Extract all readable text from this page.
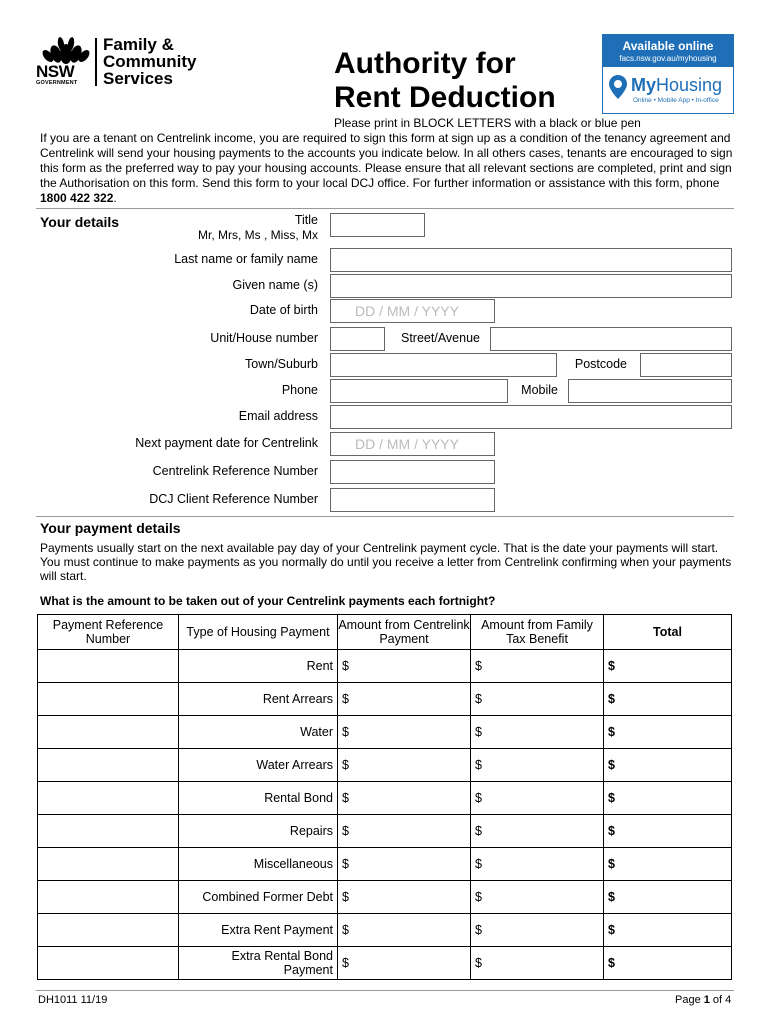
NSW
GOVERNMENT
Family &
Community
Services	Authority for
Rent Deduction
Available online
facs.nsw.gov.au/myhousing
MyHousing
Online • Mobile App • In-office
Please print in BLOCK LETTERS with a black or blue pen
If you are a tenant on Centrelink income, you are required to sign this form at sign up as a condition of the tenancy agreement and Centrelink will send your housing payments to the accounts you indicate below. In all others cases, tenants are encouraged to sign this form as the preferred way to pay your housing accounts. Please ensure that all relevant sections are completed, print and sign the Authorisation on this form. Send this form to your local DCJ office. For further information or assistance with this form, phone 1800 422 322.
Your details	Title
Mr, Mrs, Ms , Miss, Mx
Last name or family name
Given name (s)
Date of birth	DD / MM / YYYY
Unit/House number	Street/Avenue
Town/Suburb	Postcode
Phone	Mobile
Email address
Next payment date for Centrelink	DD / MM / YYYY
Centrelink Reference Number
DCJ Client Reference Number
Your payment details
Payments usually start on the next available pay day of your Centrelink payment cycle. That is the date your payments will start. You must continue to make payments as you normally do until you receive a letter from Centrelink confirming when your payments will start.
What is the amount to be taken out of your Centrelink payments each fortnight?
Payment Reference Number	Type of Housing Payment	Amount from Centrelink Payment	Amount from Family Tax Benefit	Total
	Rent	$	$	$
	Rent Arrears	$	$	$
	Water	$	$	$
	Water Arrears	$	$	$
	Rental Bond	$	$	$
	Repairs	$	$	$
	Miscellaneous	$	$	$
	Combined Former Debt	$	$	$
	Extra Rent Payment	$	$	$
	Extra Rental Bond Payment	$	$	$
DH1011 11/19	Page 1 of 4
